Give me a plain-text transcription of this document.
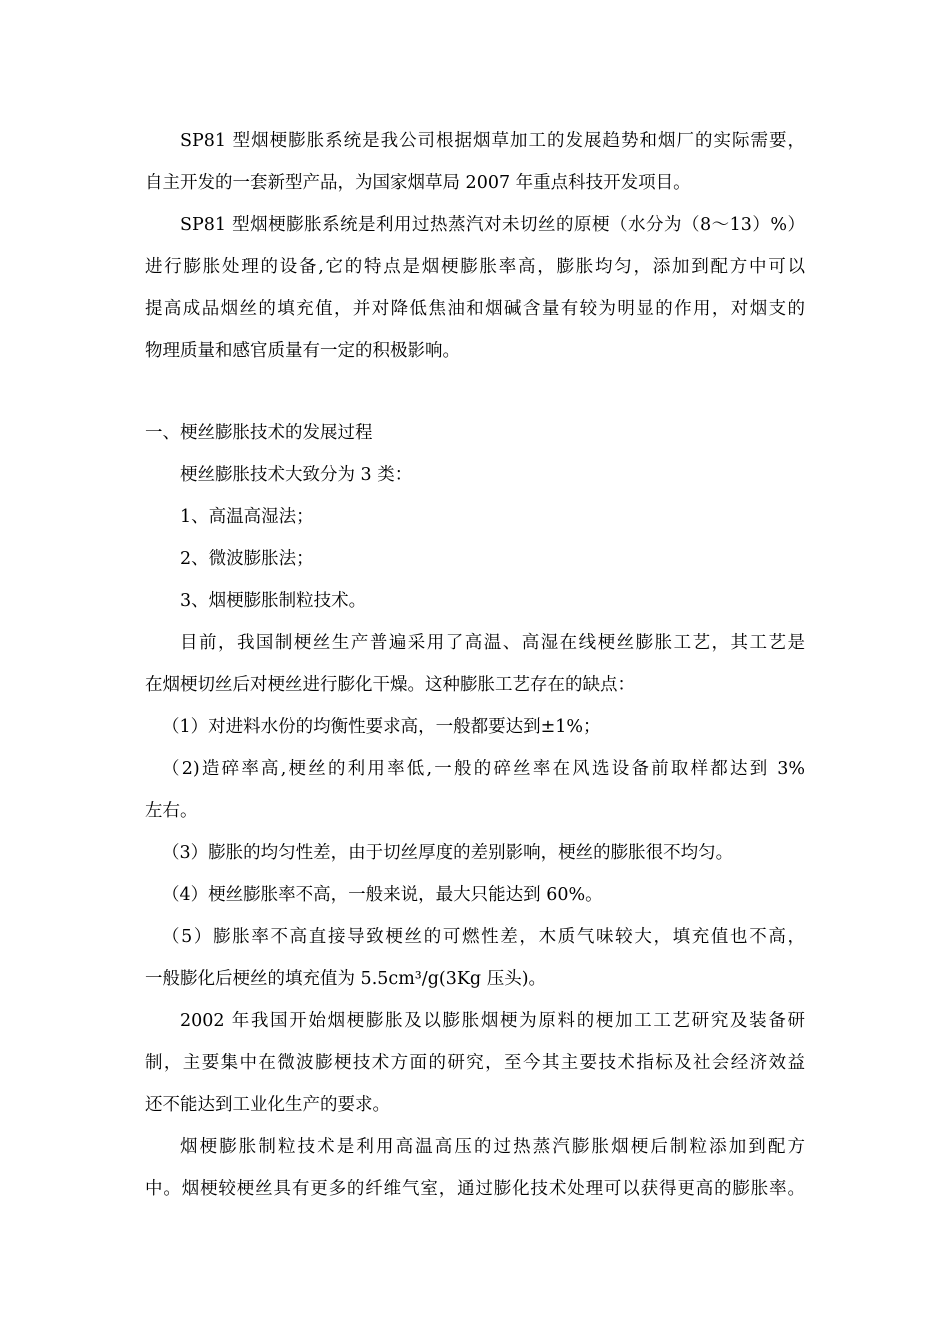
SP81 型烟梗膨胀系统是我公司根据烟草加工的发展趋势和烟厂的实际需要，
自主开发的一套新型产品，为国家烟草局 2007 年重点科技开发项目。
SP81 型烟梗膨胀系统是利用过热蒸汽对未切丝的原梗（水分为（8～13）%）
进行膨胀处理的设备,它的特点是烟梗膨胀率高，膨胀均匀，添加到配方中可以
提高成品烟丝的填充值，并对降低焦油和烟碱含量有较为明显的作用，对烟支的
物理质量和感官质量有一定的积极影响。
一、梗丝膨胀技术的发展过程
梗丝膨胀技术大致分为 3 类：
1、高温高湿法；
2、微波膨胀法；
3、烟梗膨胀制粒技术。
目前，我国制梗丝生产普遍采用了高温、高湿在线梗丝膨胀工艺，其工艺是
在烟梗切丝后对梗丝进行膨化干燥。这种膨胀工艺存在的缺点：
（1）对进料水份的均衡性要求高，一般都要达到±1%；
（2)造碎率高,梗丝的利用率低,一般的碎丝率在风选设备前取样都达到 3%
左右。
（3）膨胀的均匀性差，由于切丝厚度的差别影响，梗丝的膨胀很不均匀。
（4）梗丝膨胀率不高，一般来说，最大只能达到 60%。
（5）膨胀率不高直接导致梗丝的可燃性差，木质气味较大，填充值也不高，
一般膨化后梗丝的填充值为 5.5cm³/g(3Kg 压头)。
2002 年我国开始烟梗膨胀及以膨胀烟梗为原料的梗加工工艺研究及装备研
制，主要集中在微波膨梗技术方面的研究，至今其主要技术指标及社会经济效益
还不能达到工业化生产的要求。
烟梗膨胀制粒技术是利用高温高压的过热蒸汽膨胀烟梗后制粒添加到配方
中。烟梗较梗丝具有更多的纤维气室，通过膨化技术处理可以获得更高的膨胀率。
